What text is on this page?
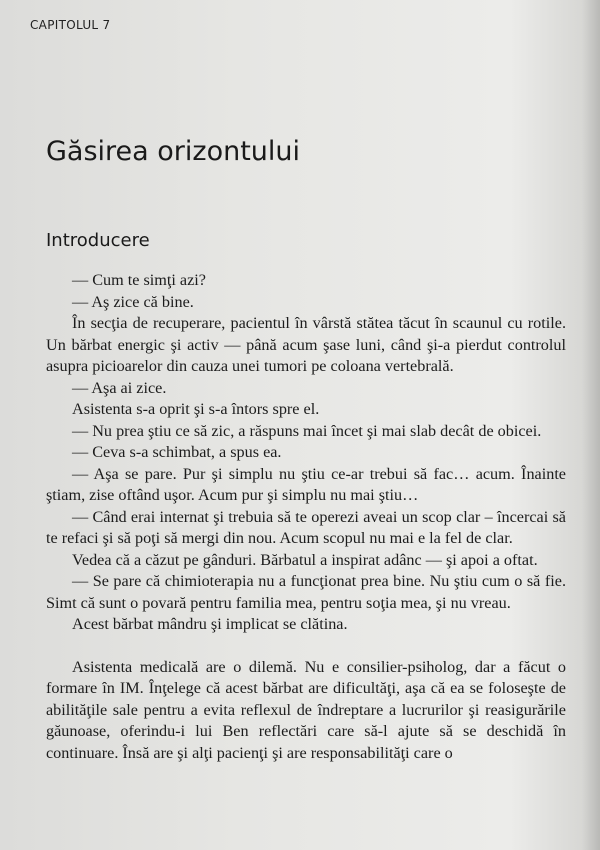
CAPITOLUL 7
Găsirea orizontului
Introducere

— Cum te simţi azi?

— Aş zice că bine.

În secţia de recuperare, pacientul în vârstă stătea tăcut în scaunul cu rotile. Un bărbat energic şi activ — până acum şase luni, când şi-a pierdut controlul asupra picioarelor din cauza unei tumori pe coloana vertebrală.

— Aşa ai zice.

Asistenta s-a oprit şi s-a întors spre el.

— Nu prea ştiu ce să zic, a răspuns mai încet şi mai slab decât de obicei.

— Ceva s-a schimbat, a spus ea.

— Aşa se pare. Pur şi simplu nu ştiu ce-ar trebui să fac… acum. Înainte ştiam, zise oftând uşor. Acum pur şi simplu nu mai ştiu…

— Când erai internat şi trebuia să te operezi aveai un scop clar – încercai să te refaci şi să poţi să mergi din nou. Acum scopul nu mai e la fel de clar.

Vedea că a căzut pe gânduri. Bărbatul a inspirat adânc — şi apoi a oftat.

— Se pare că chimioterapia nu a funcţionat prea bine. Nu ştiu cum o să fie. Simt că sunt o povară pentru familia mea, pentru soţia mea, şi nu vreau.

Acest bărbat mândru şi implicat se clătina.

Asistenta medicală are o dilemă. Nu e consilier-psiholog, dar a făcut o formare în IM. Înţelege că acest bărbat are dificultăţi, aşa că ea se foloseşte de abilităţile sale pentru a evita reflexul de îndreptare a lucrurilor şi reasigurările găunoase, oferindu-i lui Ben reflectări care să-l ajute să se deschidă în continuare. Însă are şi alţi pacienţi şi are responsabilităţi care o
